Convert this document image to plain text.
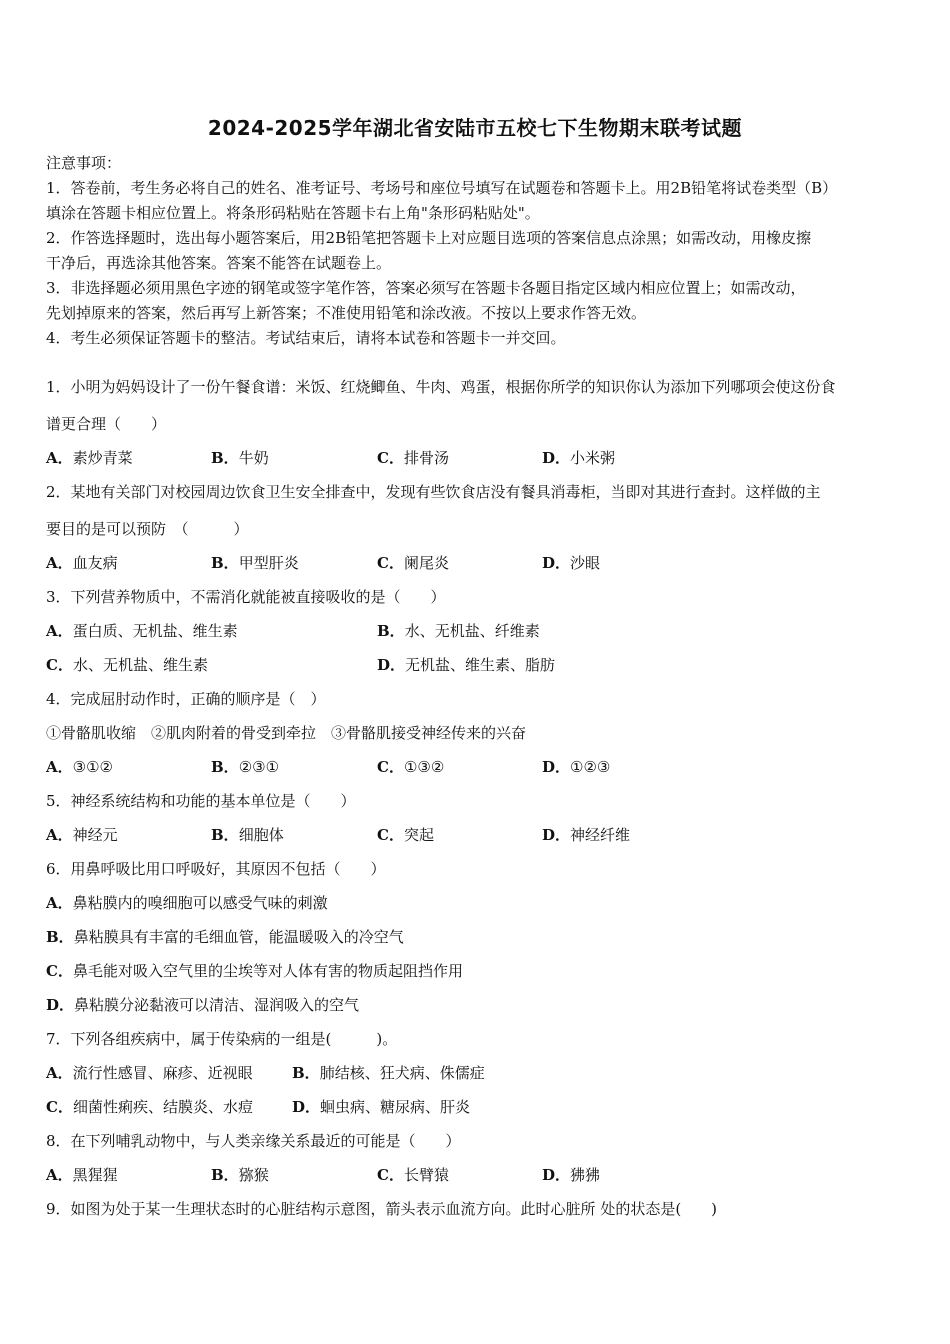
2024-2025学年湖北省安陆市五校七下生物期末联考试题
注意事项：
1．答卷前，考生务必将自己的姓名、准考证号、考场号和座位号填写在试题卷和答题卡上。用2B铅笔将试卷类型（B）
填涂在答题卡相应位置上。将条形码粘贴在答题卡右上角"条形码粘贴处"。
2．作答选择题时，选出每小题答案后，用2B铅笔把答题卡上对应题目选项的答案信息点涂黑；如需改动，用橡皮擦
干净后，再选涂其他答案。答案不能答在试题卷上。
3．非选择题必须用黑色字迹的钢笔或签字笔作答，答案必须写在答题卡各题目指定区域内相应位置上；如需改动，
先划掉原来的答案，然后再写上新答案；不准使用铅笔和涂改液。不按以上要求作答无效。
4．考生必须保证答题卡的整洁。考试结束后，请将本试卷和答题卡一并交回。
1．小明为妈妈设计了一份午餐食谱：米饭、红烧鲫鱼、牛肉、鸡蛋，根据你所学的知识你认为添加下列哪项会使这份食
谱更合理（　　）
A．素炒青菜	B．牛奶	C．排骨汤	D．小米粥
2．某地有关部门对校园周边饮食卫生安全排查中，发现有些饮食店没有餐具消毒柜，当即对其进行查封。这样做的主
要目的是可以预防　（　　　）
A．血友病	B．甲型肝炎	C．阑尾炎	D．沙眼
3．下列营养物质中，不需消化就能被直接吸收的是（　　）
A．蛋白质、无机盐、维生素	B．水、无机盐、纤维素
C．水、无机盐、维生素	D．无机盐、维生素、脂肪
4．完成屈肘动作时，正确的顺序是（　）
①骨骼肌收缩　②肌肉附着的骨受到牵拉　③骨骼肌接受神经传来的兴奋
A．③①②	B．②③①	C．①③②	D．①②③
5．神经系统结构和功能的基本单位是（　　）
A．神经元	B．细胞体	C．突起	D．神经纤维
6．用鼻呼吸比用口呼吸好，其原因不包括（　　）
A．鼻粘膜内的嗅细胞可以感受气味的刺激
B．鼻粘膜具有丰富的毛细血管，能温暖吸入的冷空气
C．鼻毛能对吸入空气里的尘埃等对人体有害的物质起阻挡作用
D．鼻粘膜分泌黏液可以清洁、湿润吸入的空气
7．下列各组疾病中，属于传染病的一组是(　　　)。
A．流行性感冒、麻疹、近视眼	B．肺结核、狂犬病、侏儒症
C．细菌性痢疾、结膜炎、水痘	D．蛔虫病、糖尿病、肝炎
8．在下列哺乳动物中，与人类亲缘关系最近的可能是（　　）
A．黑猩猩	B．猕猴	C．长臂猿	D．狒狒
9．如图为处于某一生理状态时的心脏结构示意图，箭头表示血流方向。此时心脏所 处的状态是(　　)
